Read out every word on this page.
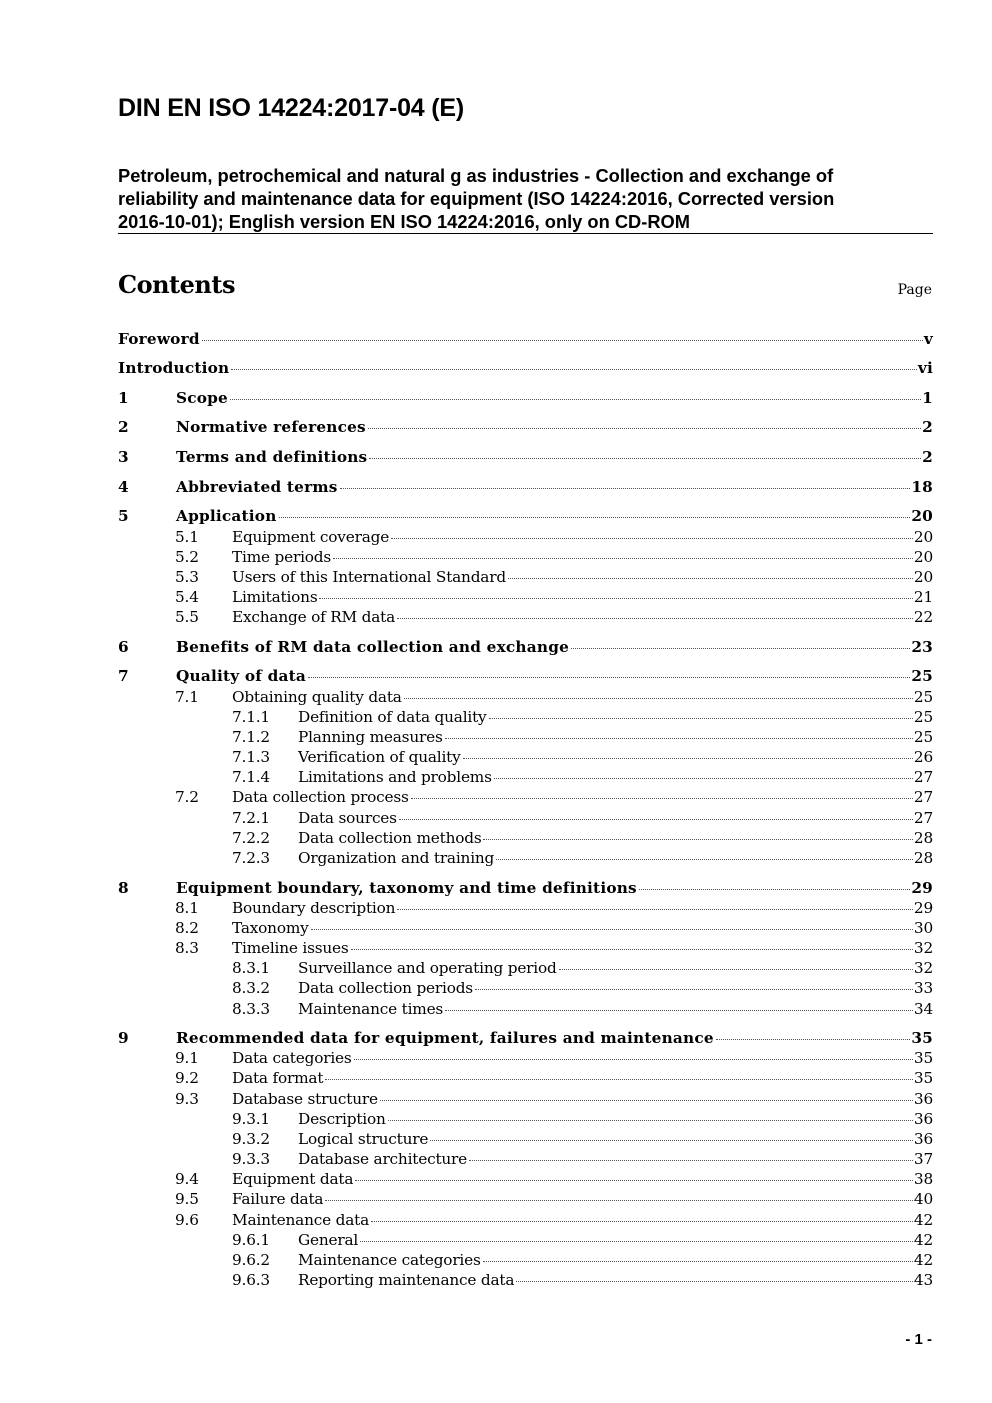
DIN EN ISO 14224:2017-04 (E)
Petroleum, petrochemical and natural g as industries - Collection and exchange of
reliability and maintenance data for equipment (ISO 14224:2016, Corrected version
2016-10-01); English version EN ISO 14224:2016, only on CD-ROM
Contents	Page
Foreword	v
Introduction	vi
1	Scope	1
2	Normative references	2
3	Terms and definitions	2
4	Abbreviated terms	18
5	Application	20
5.1	Equipment coverage	20
5.2	Time periods	20
5.3	Users of this International Standard	20
5.4	Limitations	21
5.5	Exchange of RM data	22
6	Benefits of RM data collection and exchange	23
7	Quality of data	25
7.1	Obtaining quality data	25
7.1.1	Definition of data quality	25
7.1.2	Planning measures	25
7.1.3	Verification of quality	26
7.1.4	Limitations and problems	27
7.2	Data collection process	27
7.2.1	Data sources	27
7.2.2	Data collection methods	28
7.2.3	Organization and training	28
8	Equipment boundary, taxonomy and time definitions	29
8.1	Boundary description	29
8.2	Taxonomy	30
8.3	Timeline issues	32
8.3.1	Surveillance and operating period	32
8.3.2	Data collection periods	33
8.3.3	Maintenance times	34
9	Recommended data for equipment, failures and maintenance	35
9.1	Data categories	35
9.2	Data format	35
9.3	Database structure	36
9.3.1	Description	36
9.3.2	Logical structure	36
9.3.3	Database architecture	37
9.4	Equipment data	38
9.5	Failure data	40
9.6	Maintenance data	42
9.6.1	General	42
9.6.2	Maintenance categories	42
9.6.3	Reporting maintenance data	43
- 1 -
